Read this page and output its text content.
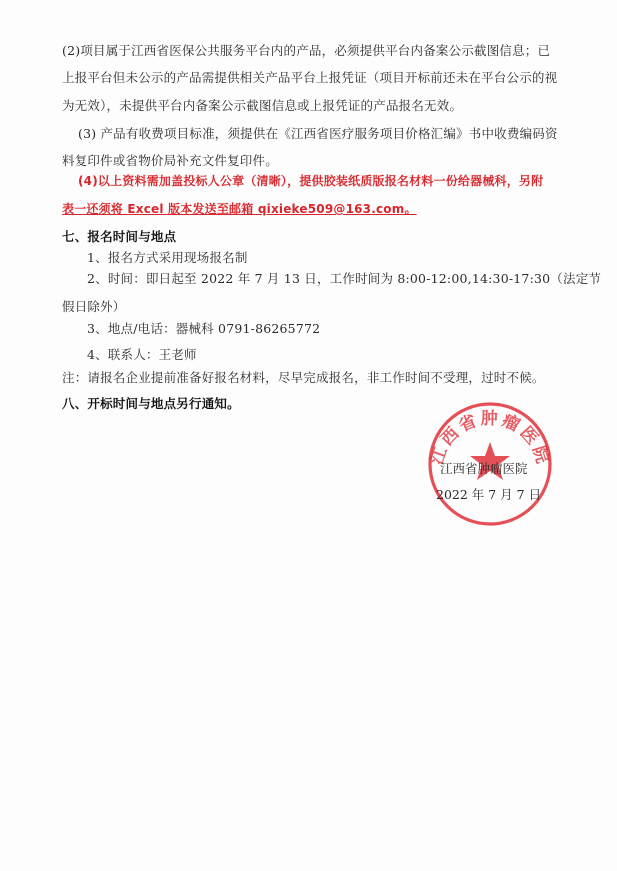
(2)项目属于江西省医保公共服务平台内的产品，必须提供平台内备案公示截图信息；已
上报平台但未公示的产品需提供相关产品平台上报凭证（项目开标前还未在平台公示的视
为无效），未提供平台内备案公示截图信息或上报凭证的产品报名无效。
(3) 产品有收费项目标准，须提供在《江西省医疗服务项目价格汇编》书中收费编码资
料复印件或省物价局补充文件复印件。
(4)以上资料需加盖投标人公章（清晰），提供胶装纸质版报名材料一份给器械科，另附
表一还须将 Excel 版本发送至邮箱 qixieke509@163.com。
七、报名时间与地点
1、报名方式采用现场报名制
2、时间：即日起至 2022 年 7 月 13 日，工作时间为 8:00-12:00,14:30-17:30（法定节
假日除外）
3、地点/电话：器械科 0791-86265772
4、联系人：王老师
注：请报名企业提前准备好报名材料，尽早完成报名，非工作时间不受理，过时不候。
八、开标时间与地点另行通知。
江西省肿瘤医院
江西省肿瘤医院
2022 年 7 月 7 日
